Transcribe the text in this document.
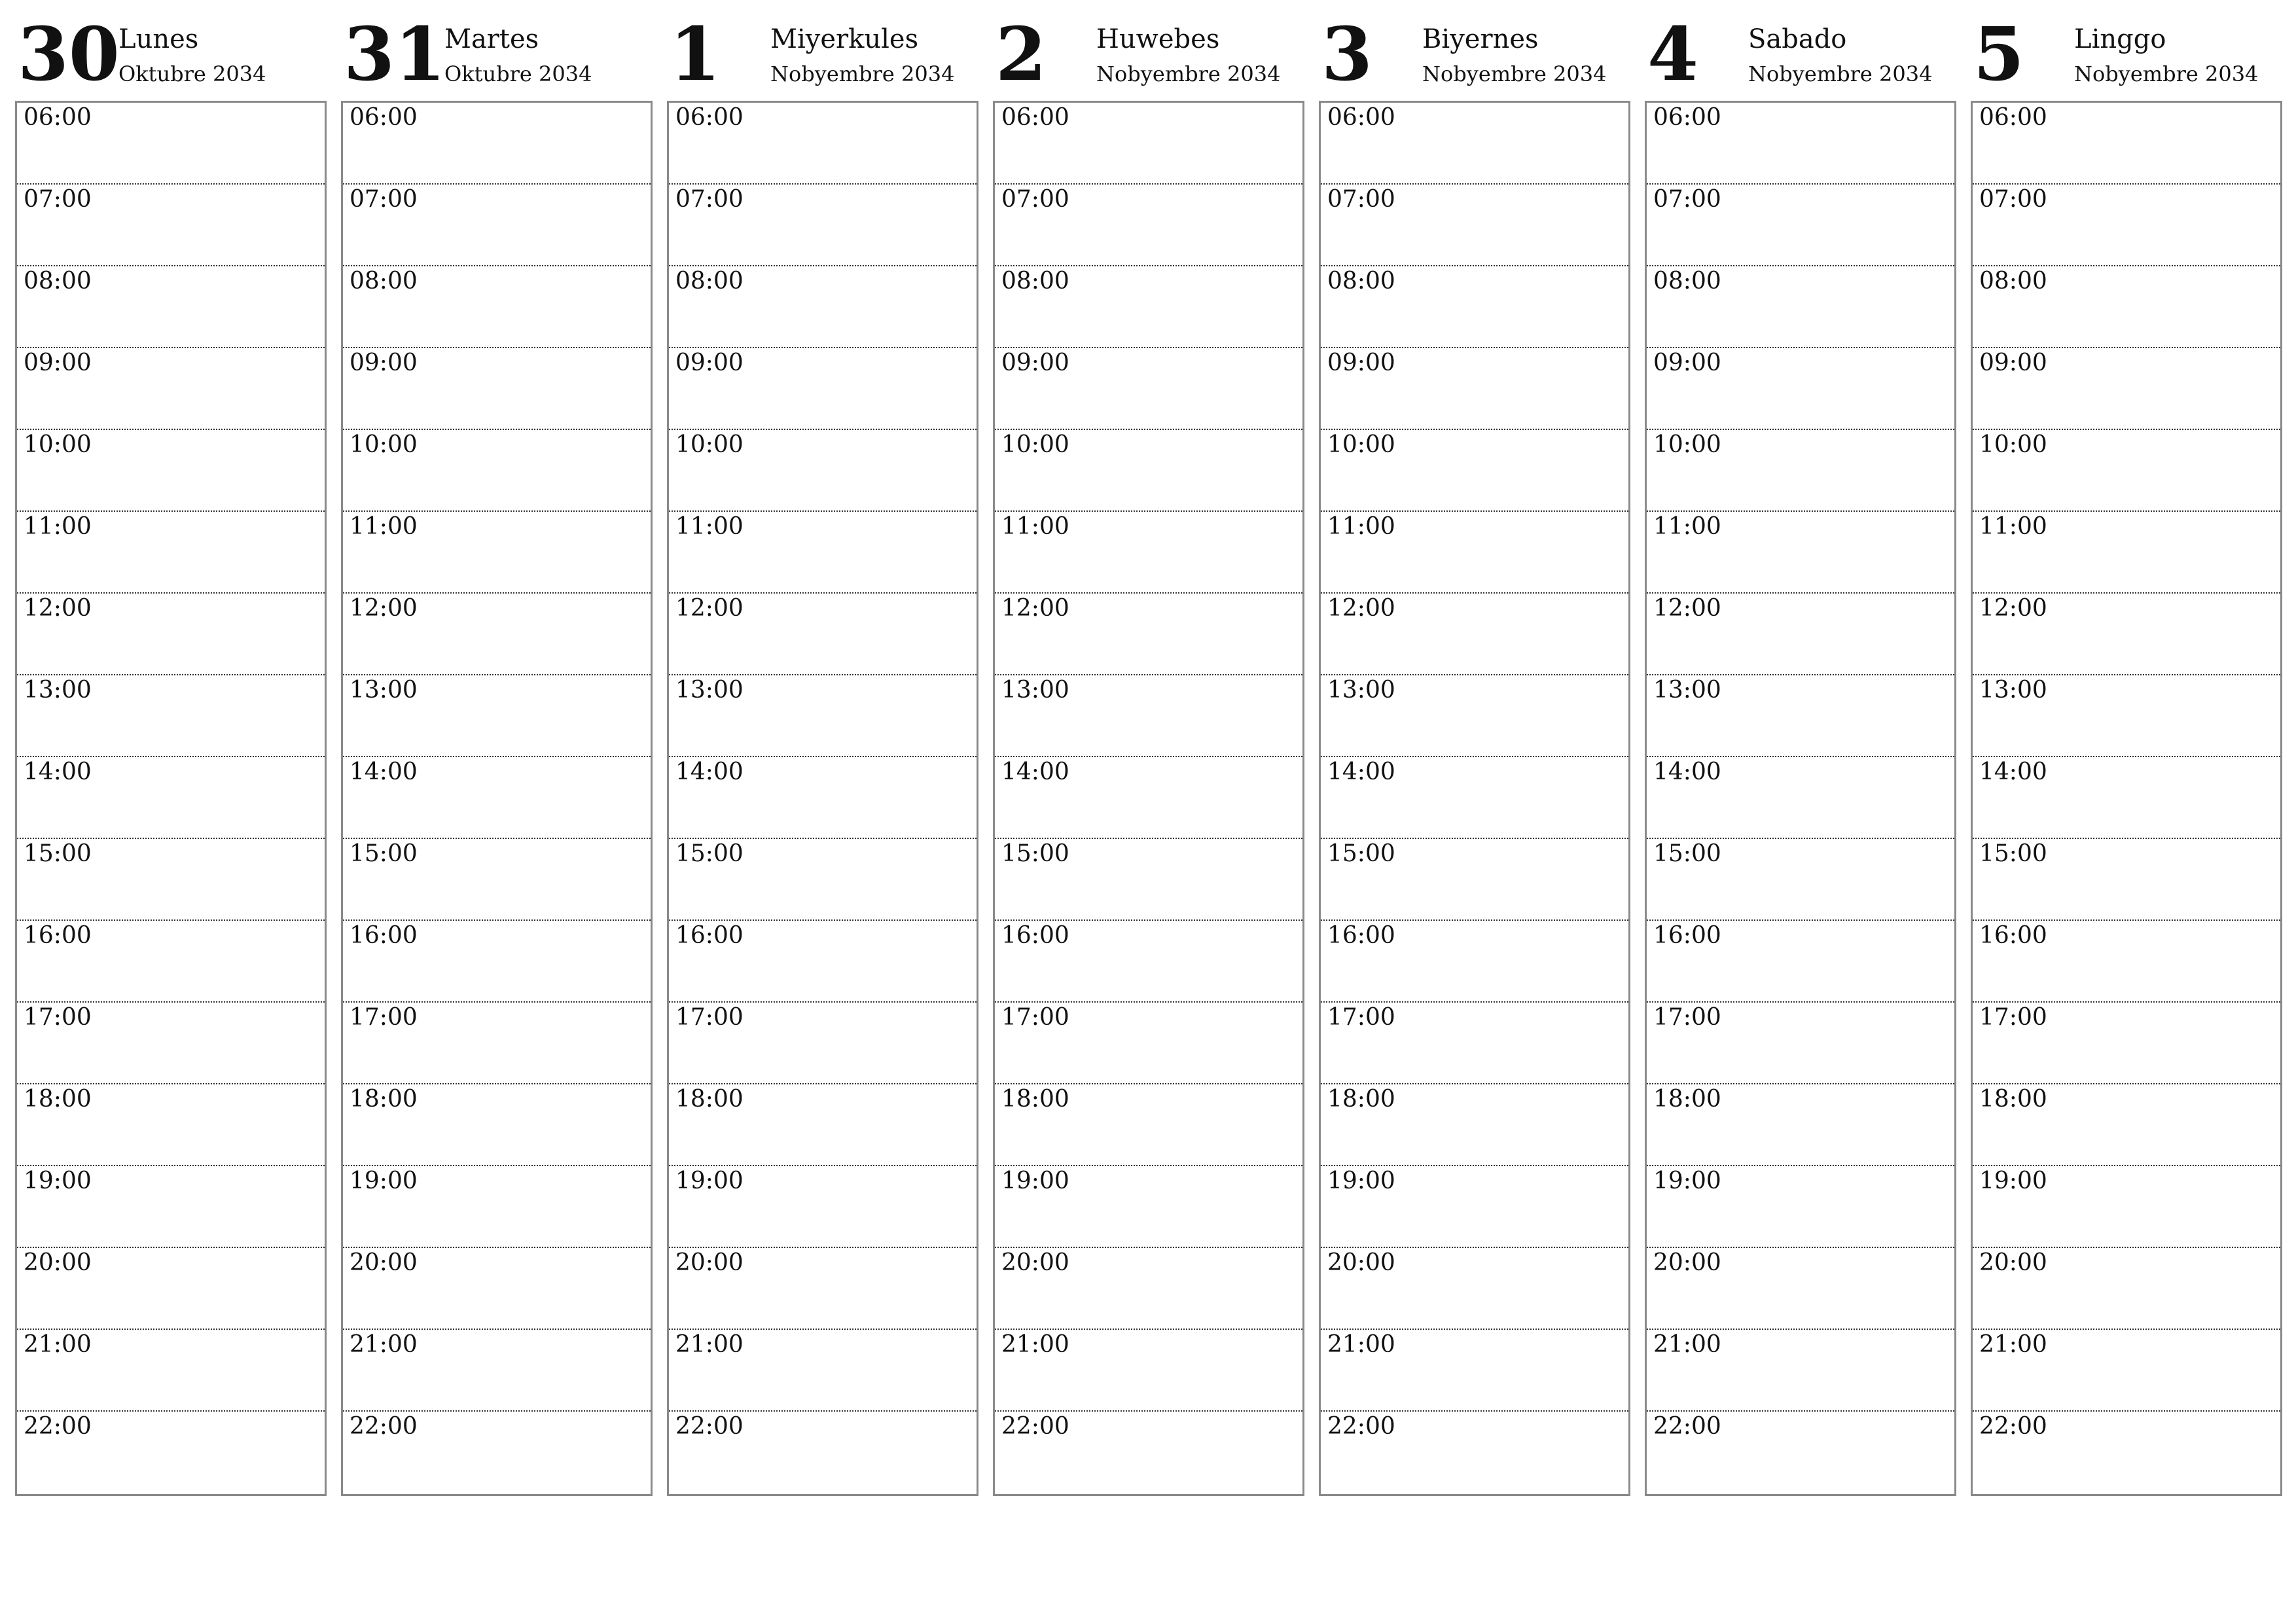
30
Lunes
Oktubre 2034
06:00
07:00
08:00
09:00
10:00
11:00
12:00
13:00
14:00
15:00
16:00
17:00
18:00
19:00
20:00
21:00
22:00
31
Martes
Oktubre 2034
06:00
07:00
08:00
09:00
10:00
11:00
12:00
13:00
14:00
15:00
16:00
17:00
18:00
19:00
20:00
21:00
22:00
1 Miyerkules
Nobyembre 2034
06:00
07:00
08:00
09:00
10:00
11:00
12:00
13:00
14:00
15:00
16:00
17:00
18:00
19:00
20:00
21:00
22:00
2 Huwebes
Nobyembre 2034
06:00
07:00
08:00
09:00
10:00
11:00
12:00
13:00
14:00
15:00
16:00
17:00
18:00
19:00
20:00
21:00
22:00
3 Biyernes
Nobyembre 2034
06:00
07:00
08:00
09:00
10:00
11:00
12:00
13:00
14:00
15:00
16:00
17:00
18:00
19:00
20:00
21:00
22:00
4 Sabado
Nobyembre 2034
06:00
07:00
08:00
09:00
10:00
11:00
12:00
13:00
14:00
15:00
16:00
17:00
18:00
19:00
20:00
21:00
22:00
5 Linggo
Nobyembre 2034
06:00
07:00
08:00
09:00
10:00
11:00
12:00
13:00
14:00
15:00
16:00
17:00
18:00
19:00
20:00
21:00
22:00
